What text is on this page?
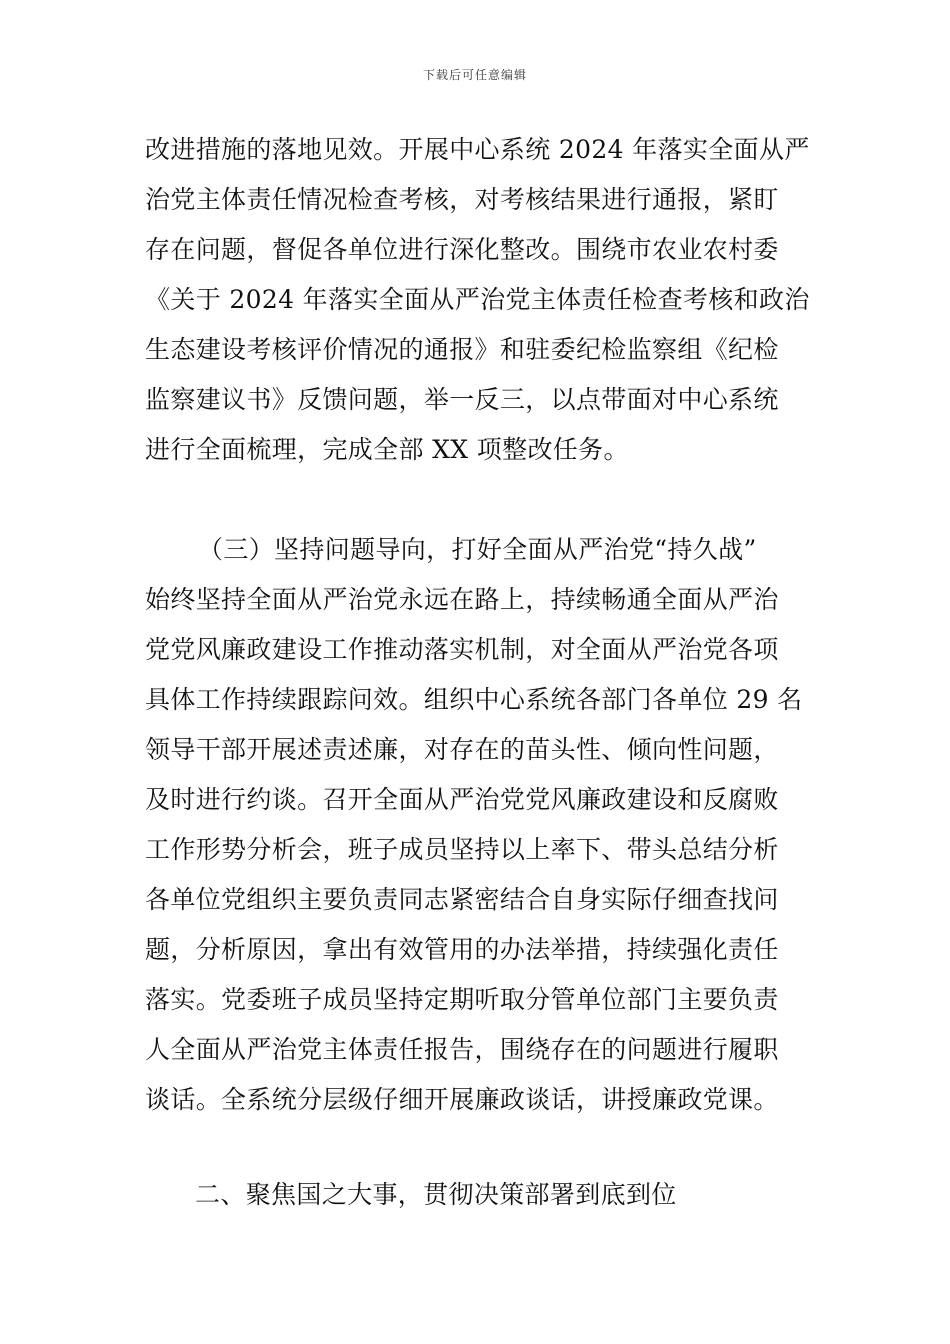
下载后可任意编辑
改进措施的落地见效。开展中心系统 2024 年落实全面从严
治党主体责任情况检查考核，对考核结果进行通报，紧盯
存在问题，督促各单位进行深化整改。围绕市农业农村委
《关于 2024 年落实全面从严治党主体责任检查考核和政治
生态建设考核评价情况的通报》和驻委纪检监察组《纪检
监察建议书》反馈问题，举一反三，以点带面对中心系统
进行全面梳理，完成全部 XX 项整改任务。
（三）坚持问题导向，打好全面从严治党“持久战”
始终坚持全面从严治党永远在路上，持续畅通全面从严治
党党风廉政建设工作推动落实机制，对全面从严治党各项
具体工作持续跟踪问效。组织中心系统各部门各单位 29 名
领导干部开展述责述廉，对存在的苗头性、倾向性问题，
及时进行约谈。召开全面从严治党党风廉政建设和反腐败
工作形势分析会，班子成员坚持以上率下、带头总结分析
各单位党组织主要负责同志紧密结合自身实际仔细查找问
题，分析原因，拿出有效管用的办法举措，持续强化责任
落实。党委班子成员坚持定期听取分管单位部门主要负责
人全面从严治党主体责任报告，围绕存在的问题进行履职
谈话。全系统分层级仔细开展廉政谈话，讲授廉政党课。
二、聚焦国之大事，贯彻决策部署到底到位
